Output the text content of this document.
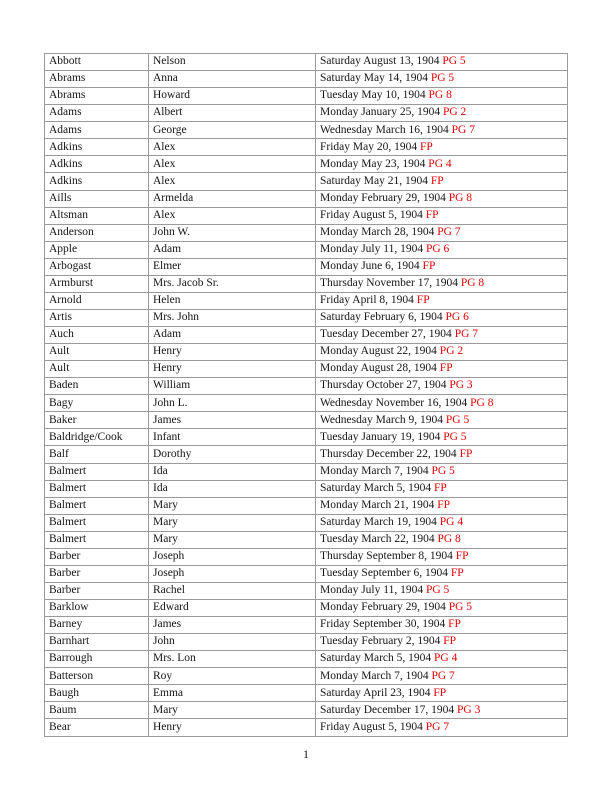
Abbott	Nelson	Saturday August 13, 1904 PG 5
Abrams	Anna	Saturday May 14, 1904 PG 5
Abrams	Howard	Tuesday May 10, 1904 PG 8
Adams	Albert	Monday January 25, 1904 PG 2
Adams	George	Wednesday March 16, 1904 PG 7
Adkins	Alex	Friday May 20, 1904 FP
Adkins	Alex	Monday May 23, 1904 PG 4
Adkins	Alex	Saturday May 21, 1904 FP
Aills	Armelda	Monday February 29, 1904 PG 8
Altsman	Alex	Friday August 5, 1904 FP
Anderson	John W.	Monday March 28, 1904 PG 7
Apple	Adam	Monday July 11, 1904 PG 6
Arbogast	Elmer	Monday June 6, 1904 FP
Armburst	Mrs. Jacob Sr.	Thursday November 17, 1904 PG 8
Arnold	Helen	Friday April 8, 1904 FP
Artis	Mrs. John	Saturday February 6, 1904 PG 6
Auch	Adam	Tuesday December 27, 1904 PG 7
Ault	Henry	Monday August 22, 1904 PG 2
Ault	Henry	Monday August 28, 1904 FP
Baden	William	Thursday October 27, 1904 PG 3
Bagy	John L.	Wednesday November 16, 1904 PG 8
Baker	James	Wednesday March 9, 1904 PG 5
Baldridge/Cook	Infant	Tuesday January 19, 1904 PG 5
Balf	Dorothy	Thursday December 22, 1904 FP
Balmert	Ida	Monday March 7, 1904 PG 5
Balmert	Ida	Saturday March 5, 1904 FP
Balmert	Mary	Monday March 21, 1904 FP
Balmert	Mary	Saturday March 19, 1904 PG 4
Balmert	Mary	Tuesday March 22, 1904 PG 8
Barber	Joseph	Thursday September 8, 1904 FP
Barber	Joseph	Tuesday September 6, 1904 FP
Barber	Rachel	Monday July 11, 1904 PG 5
Barklow	Edward	Monday February 29, 1904 PG 5
Barney	James	Friday September 30, 1904 FP
Barnhart	John	Tuesday February 2, 1904 FP
Barrough	Mrs. Lon	Saturday March 5, 1904 PG 4
Batterson	Roy	Monday March 7, 1904 PG 7
Baugh	Emma	Saturday April 23, 1904 FP
Baum	Mary	Saturday December 17, 1904 PG 3
Bear	Henry	Friday August 5, 1904 PG 7
1
